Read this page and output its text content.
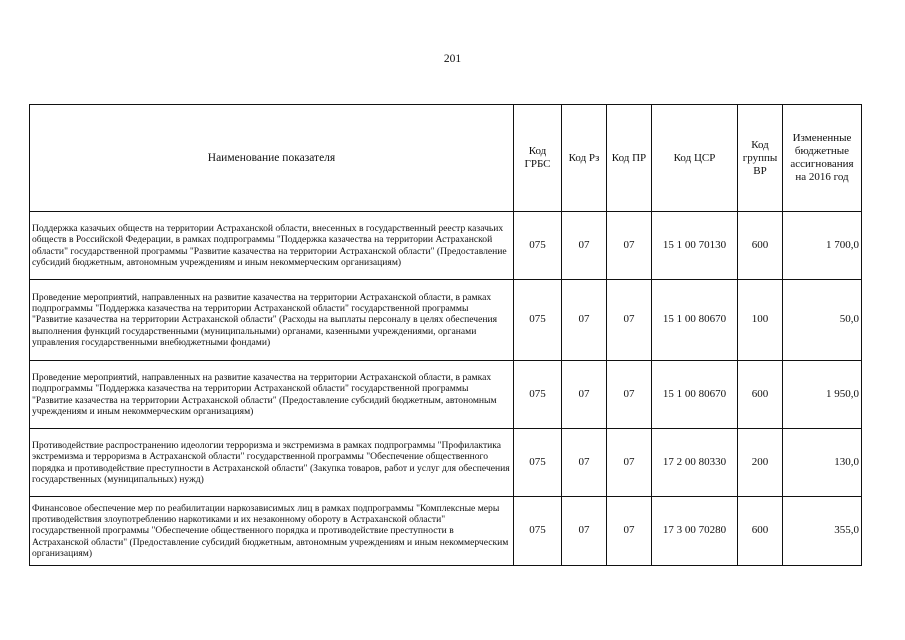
201
Наименование показателя	Код ГРБС	Код Рз	Код ПР	Код ЦСР	Код группы ВР	Измененные бюджетные ассигнования на 2016 год
Поддержка казачьих обществ на территории Астраханской области, внесенных в государственный реестр казачьих обществ в Российской Федерации, в рамках подпрограммы "Поддержка казачества на территории Астраханской области" государственной программы "Развитие казачества на территории Астраханской области" (Предоставление субсидий бюджетным, автономным учреждениям и иным некоммерческим организациям)	075	07	07	15 1 00 70130	600	1 700,0
Проведение мероприятий, направленных на развитие казачества на территории Астраханской области, в рамках подпрограммы "Поддержка казачества на территории Астраханской области" государственной программы "Развитие казачества на территории Астраханской области" (Расходы на выплаты персоналу в целях обеспечения выполнения функций государственными (муниципальными) органами, казенными учреждениями, органами управления государственными внебюджетными фондами)	075	07	07	15 1 00 80670	100	50,0
Проведение мероприятий, направленных на развитие казачества на территории Астраханской области, в рамках подпрограммы "Поддержка казачества на территории Астраханской области" государственной программы "Развитие казачества на территории Астраханской области" (Предоставление субсидий бюджетным, автономным учреждениям и иным некоммерческим организациям)	075	07	07	15 1 00 80670	600	1 950,0
Противодействие распространению идеологии терроризма и экстремизма в рамках подпрограммы "Профилактика экстремизма и терроризма в Астраханской области" государственной программы "Обеспечение общественного порядка и противодействие преступности в Астраханской области" (Закупка товаров, работ и услуг для обеспечения государственных (муниципальных) нужд)	075	07	07	17 2 00 80330	200	130,0
Финансовое обеспечение мер по реабилитации наркозависимых лиц в рамках подпрограммы "Комплексные меры противодействия злоупотреблению наркотиками и их незаконному обороту в Астраханской области" государственной программы "Обеспечение общественного порядка и противодействие преступности в Астраханской области" (Предоставление субсидий бюджетным, автономным учреждениям и иным некоммерческим организациям)	075	07	07	17 3 00 70280	600	355,0
